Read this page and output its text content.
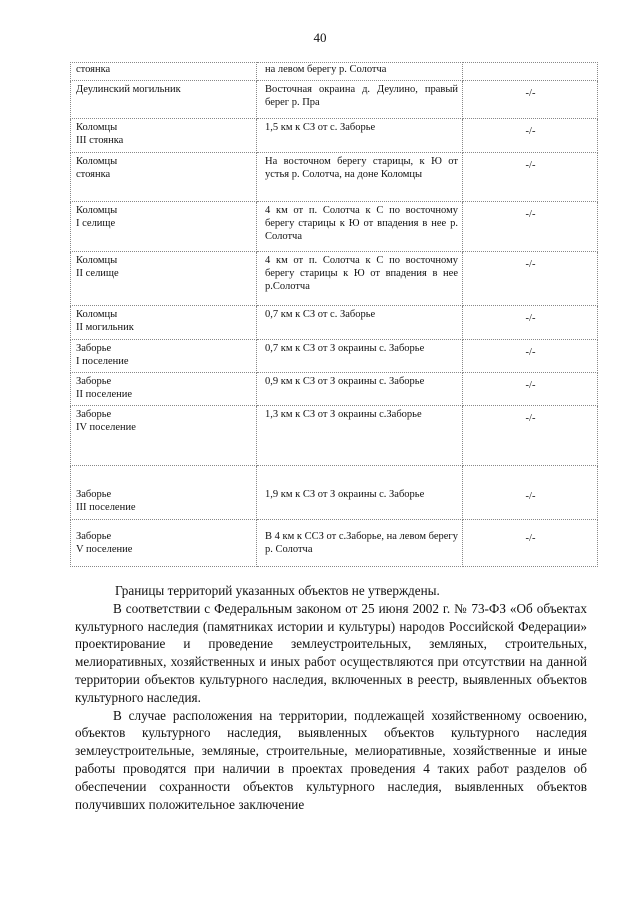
40
стоянка	на левом берегу р. Солотча	

Деулинский могильник	Восточная окраина д. Деулино, правый берег р. Пра	-/-

Коломцы
III стоянка	1,5 км к СЗ от с. Заборье	-/-

Коломцы
стоянка	На восточном берегу старицы, к Ю от устья р. Солотча, на доне Коломцы	-/-

Коломцы
I селище	4 км от п. Солотча к С по восточному берегу старицы к Ю от впадения в нее р. Солотча	-/-

Коломцы
II селище	4 км от п. Солотча к С по восточному берегу старицы к Ю от впадения в нее р.Солотча	-/-

Коломцы
II могильник	0,7 км к СЗ от с. Заборье	-/-

Заборье
I поселение	0,7 км к СЗ от З окраины с. Заборье	-/-

Заборье
II поселение	0,9 км к СЗ от З окраины с. Заборье	-/-

Заборье
IV поселение	1,3 км к СЗ от З окраины с.Заборье	-/-

Заборье
III поселение	1,9 км к СЗ от З окраины с. Заборье	-/-

Заборье
V поселение	В 4 км к ССЗ от с.Заборье, на левом берегу р. Солотча	-/-

Границы территорий указанных объектов не утверждены.

В соответствии с Федеральным законом от 25 июня 2002 г. № 73-ФЗ «Об объектах культурного наследия (памятниках истории и культуры) народов Российской Федерации» проектирование и проведение землеустроительных, земляных, строительных, мелиоративных, хозяйственных и иных работ осуществляются при отсутствии на данной территории объектов культурного наследия, включенных в реестр, выявленных объектов культурного наследия.

В случае расположения на территории, подлежащей хозяйственному освоению, объектов культурного наследия, выявленных объектов культурного наследия землеустроительные, земляные, строительные, мелиоративные, хозяйственные и иные работы проводятся при наличии в проектах проведения 4 таких работ разделов об обеспечении сохранности объектов культурного наследия, выявленных объектов получивших положительное заключение
